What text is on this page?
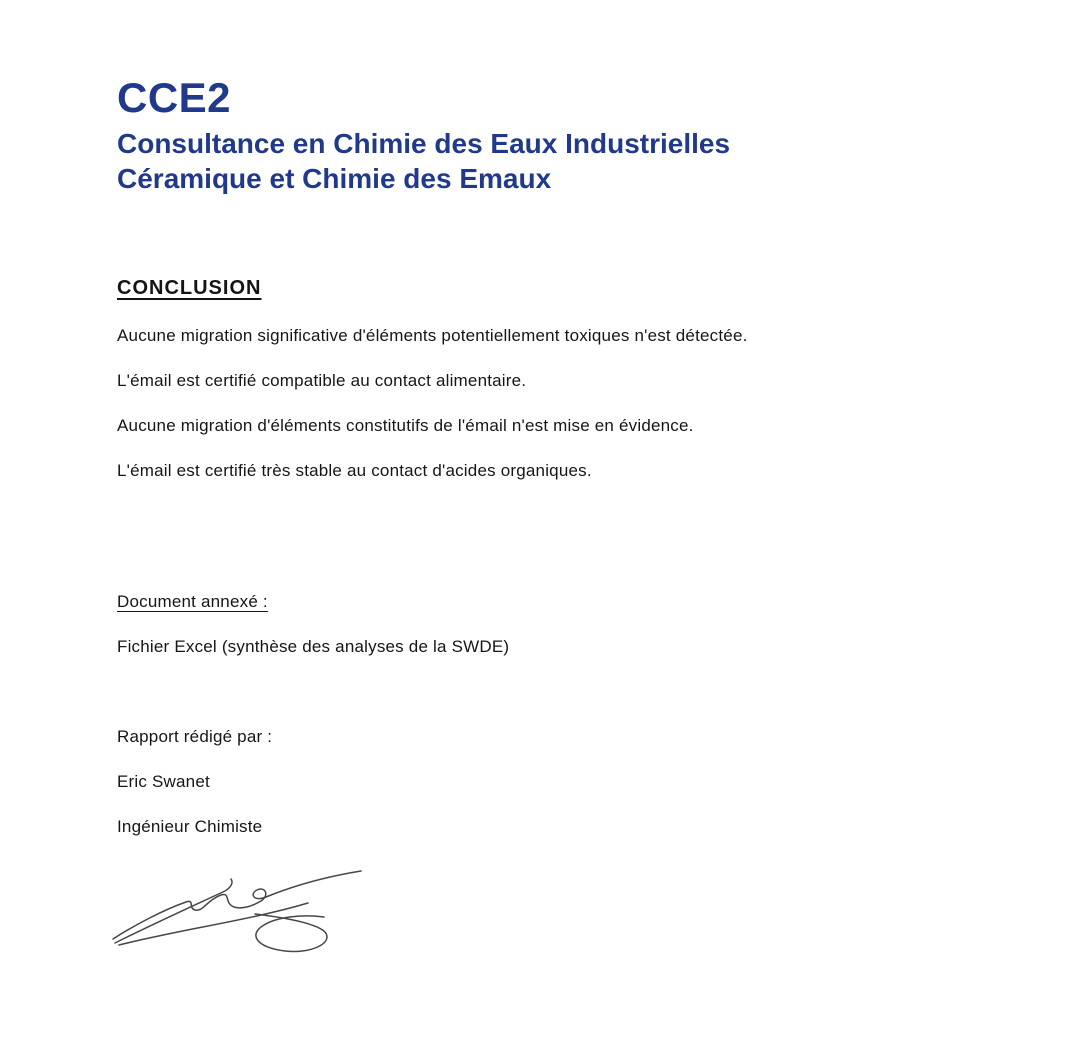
CCE2
Consultance en Chimie des Eaux Industrielles
Céramique et Chimie des Emaux
CONCLUSION

Aucune migration significative d'éléments potentiellement toxiques n'est détectée.

L'émail est certifié compatible au contact alimentaire.

Aucune migration d'éléments constitutifs de l'émail n'est mise en évidence.

L'émail est certifié très stable au contact d'acides organiques.

Document annexé :

Fichier Excel (synthèse des analyses de la SWDE)

Rapport rédigé par :

Eric Swanet

Ingénieur Chimiste
